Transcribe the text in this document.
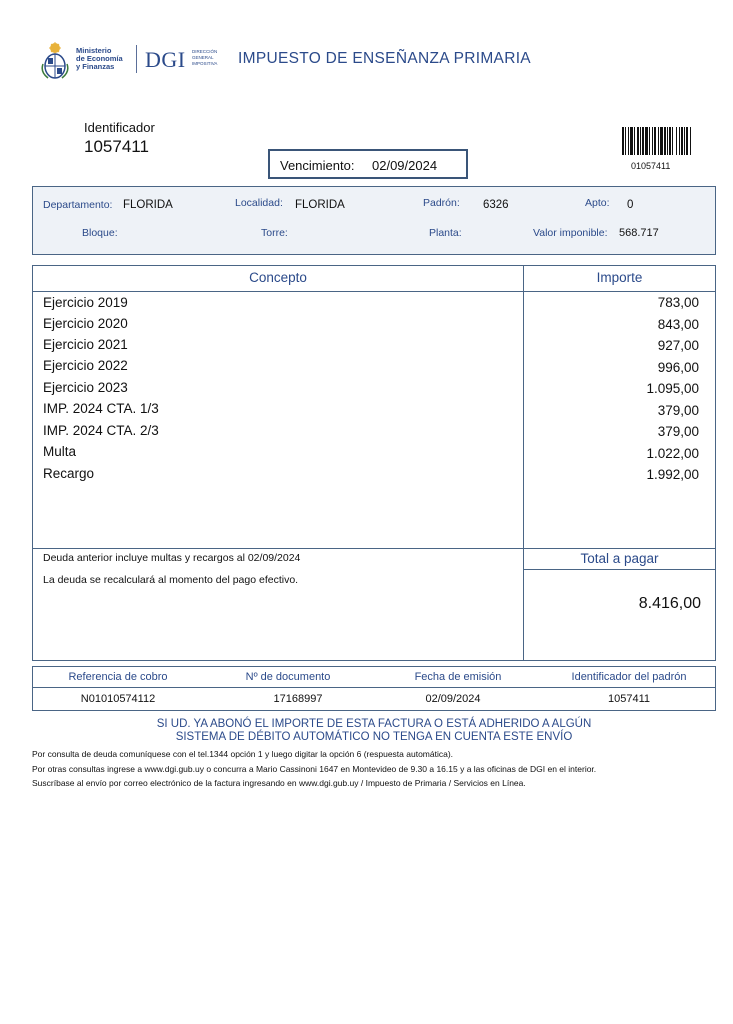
Ministerio
de Economía
y Finanzas	DGI DIRECCIÓN
GENERAL
IMPOSITIVA IMPUESTO DE ENSEÑANZA PRIMARIA
Identificador
1057411
Vencimiento: 02/09/2024	01057411
Departamento: FLORIDA	Localidad: FLORIDA	Padrón: 6326	Apto: 0
Bloque:	Torre:	Planta:	Valor imponible: 568.717
Concepto	Importe
Ejercicio 2019	783,00
Ejercicio 2020	843,00
Ejercicio 2021	927,00
Ejercicio 2022	996,00
Ejercicio 2023	1.095,00
IMP. 2024 CTA. 1/3	379,00
IMP. 2024 CTA. 2/3	379,00
Multa	1.022,00
Recargo	1.992,00
Deuda anterior incluye multas y recargos al 02/09/2024
La deuda se recalculará al momento del pago efectivo.
Total a pagar
8.416,00
Referencia de cobro	Nº de documento	Fecha de emisión	Identificador del padrón
N01010574112	17168997	02/09/2024	1057411
SI UD. YA ABONÓ EL IMPORTE DE ESTA FACTURA O ESTÁ ADHERIDO A ALGÚN
SISTEMA DE DÉBITO AUTOMÁTICO NO TENGA EN CUENTA ESTE ENVÍO
Por consulta de deuda comuníquese con el tel.1344 opción 1 y luego digitar la opción 6 (respuesta automática).
Por otras consultas ingrese a www.dgi.gub.uy o concurra a Mario Cassinoni 1647 en Montevideo de 9.30 a 16.15 y a las oficinas de DGI en el interior.
Suscríbase al envío por correo electrónico de la factura ingresando en www.dgi.gub.uy / Impuesto de Primaria / Servicios en Línea.
